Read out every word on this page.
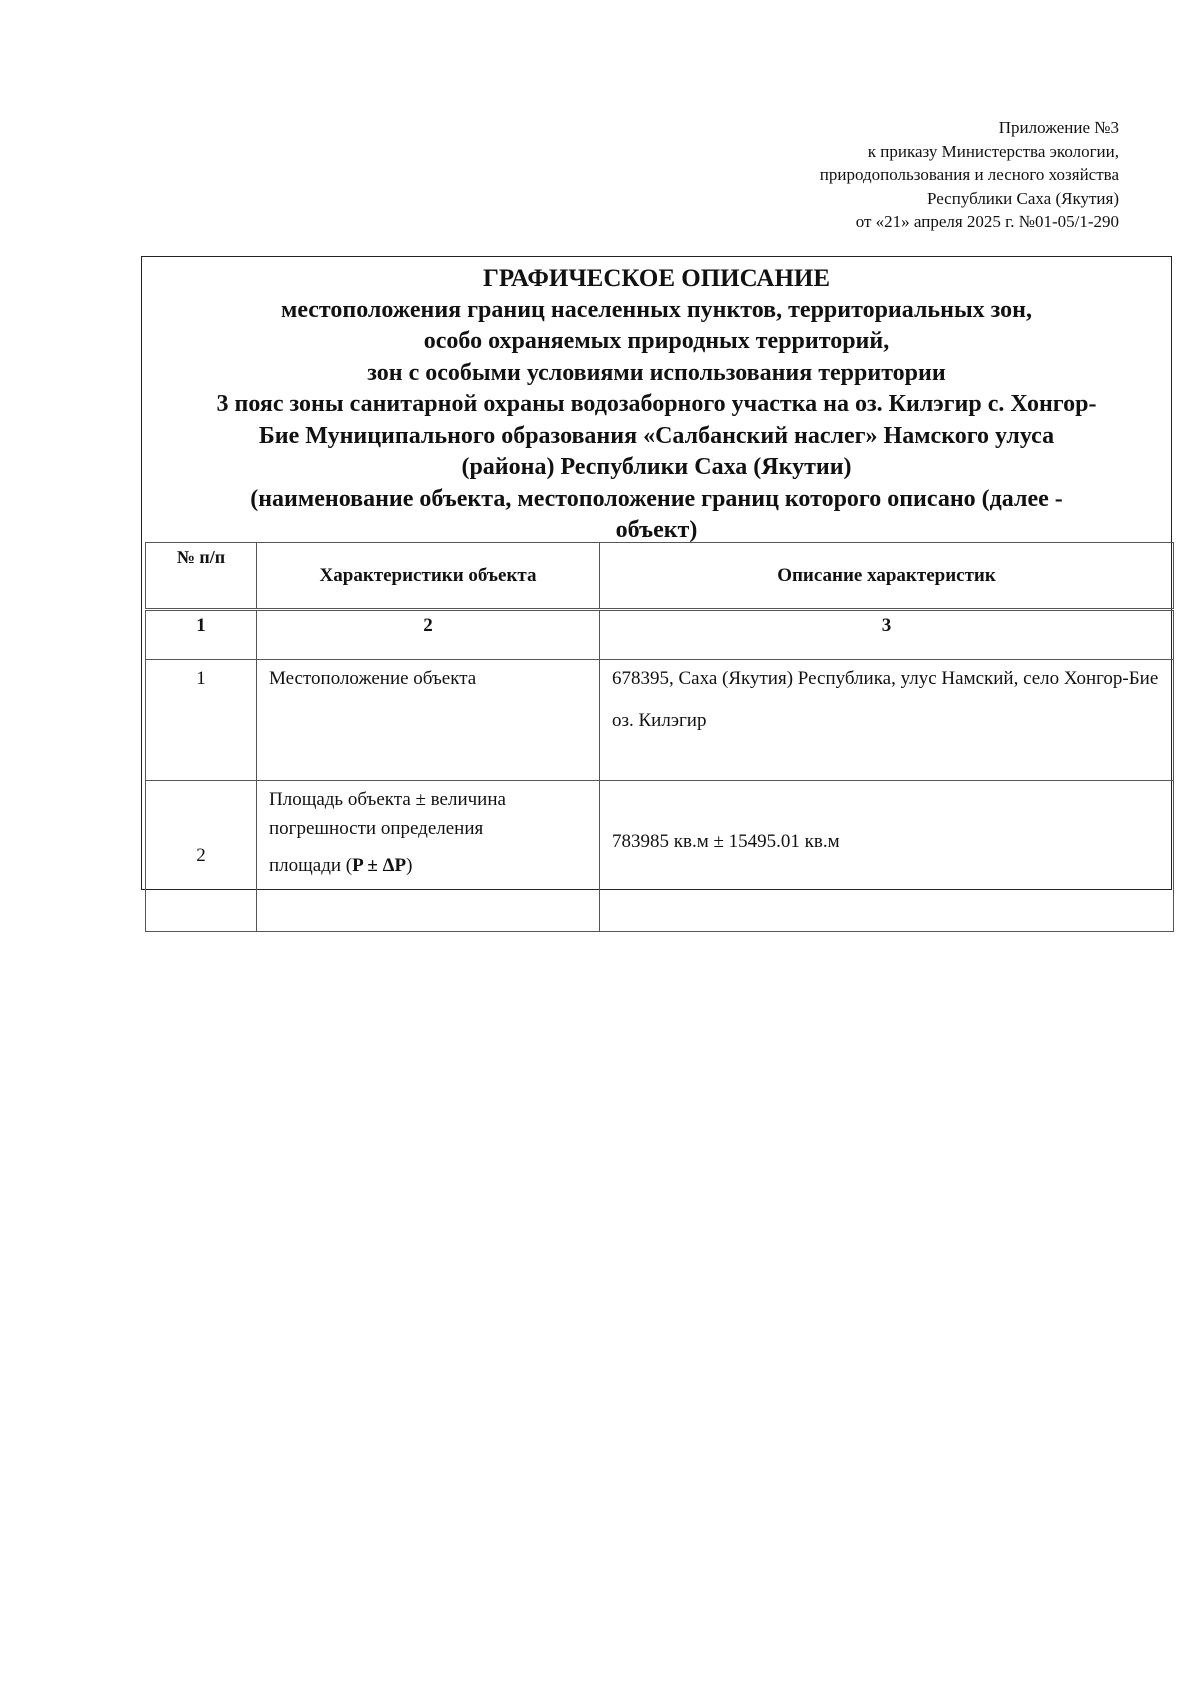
Приложение №3
к приказу Министерства экологии,
природопользования и лесного хозяйства
Республики Саха (Якутия)
от «21» апреля 2025 г. №01-05/1-290
ГРАФИЧЕСКОЕ ОПИСАНИЕ
местоположения границ населенных пунктов, территориальных зон,
особо охраняемых природных территорий,
зон с особыми условиями использования территории
3 пояс зоны санитарной охраны водозаборного участка на оз. Килэгир с. Хонгор-
Бие Муниципального образования «Салбанский наслег» Намского улуса
(района) Республики Саха (Якутии)
(наименование объекта, местоположение границ которого описано (далее -
объект)
№ п/п	Характеристики объекта	Описание характеристик
1	2	3
1	Местоположение объекта	678395, Саха (Якутия) Республика, улус Намский, село Хонгор-Бие
оз. Килэгир

2	Площадь объекта ± величина
погрешности определения
площади (P ± ΔP)	783985 кв.м ± 15495.01 кв.м
